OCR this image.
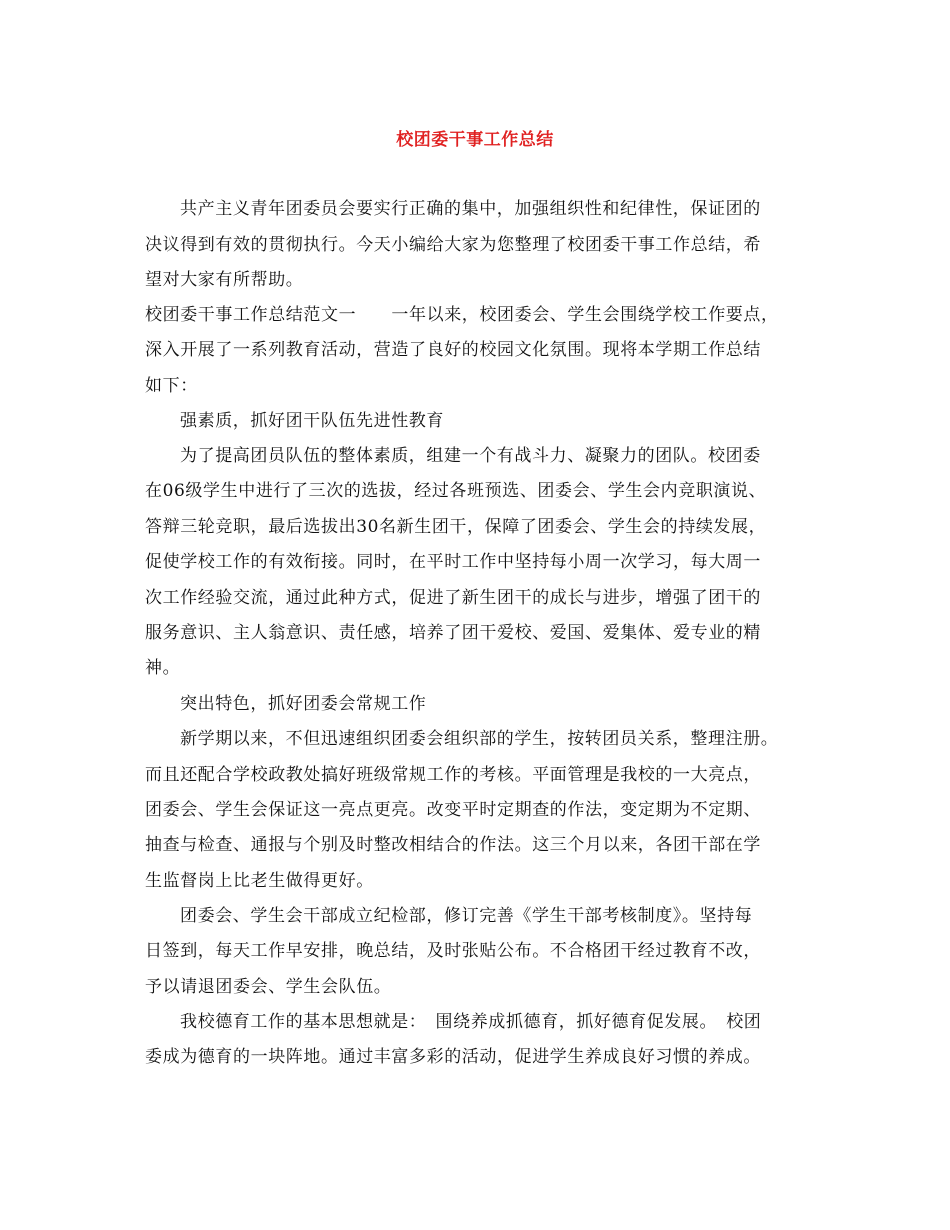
校团委干事工作总结
共产主义青年团委员会要实行正确的集中，加强组织性和纪律性，保证团的
决议得到有效的贯彻执行。今天小编给大家为您整理了校团委干事工作总结，希
望对大家有所帮助。
校团委干事工作总结范文一　　一年以来，校团委会、学生会围绕学校工作要点，
深入开展了一系列教育活动，营造了良好的校园文化氛围。现将本学期工作总结
如下：
强素质，抓好团干队伍先进性教育
为了提高团员队伍的整体素质，组建一个有战斗力、凝聚力的团队。校团委
在06级学生中进行了三次的选拔，经过各班预选、团委会、学生会内竞职演说、
答辩三轮竞职，最后选拔出30名新生团干，保障了团委会、学生会的持续发展，
促使学校工作的有效衔接。同时，在平时工作中坚持每小周一次学习，每大周一
次工作经验交流，通过此种方式，促进了新生团干的成长与进步，增强了团干的
服务意识、主人翁意识、责任感，培养了团干爱校、爱国、爱集体、爱专业的精
神。
突出特色，抓好团委会常规工作
新学期以来，不但迅速组织团委会组织部的学生，按转团员关系，整理注册。
而且还配合学校政教处搞好班级常规工作的考核。平面管理是我校的一大亮点，
团委会、学生会保证这一亮点更亮。改变平时定期查的作法，变定期为不定期、
抽查与检查、通报与个别及时整改相结合的作法。这三个月以来，各团干部在学
生监督岗上比老生做得更好。
团委会、学生会干部成立纪检部，修订完善《学生干部考核制度》。坚持每
日签到，每天工作早安排，晚总结，及时张贴公布。不合格团干经过教育不改，
予以请退团委会、学生会队伍。
我校德育工作的基本思想就是：　围绕养成抓德育，抓好德育促发展。　校团
委成为德育的一块阵地。通过丰富多彩的活动，促进学生养成良好习惯的养成。
